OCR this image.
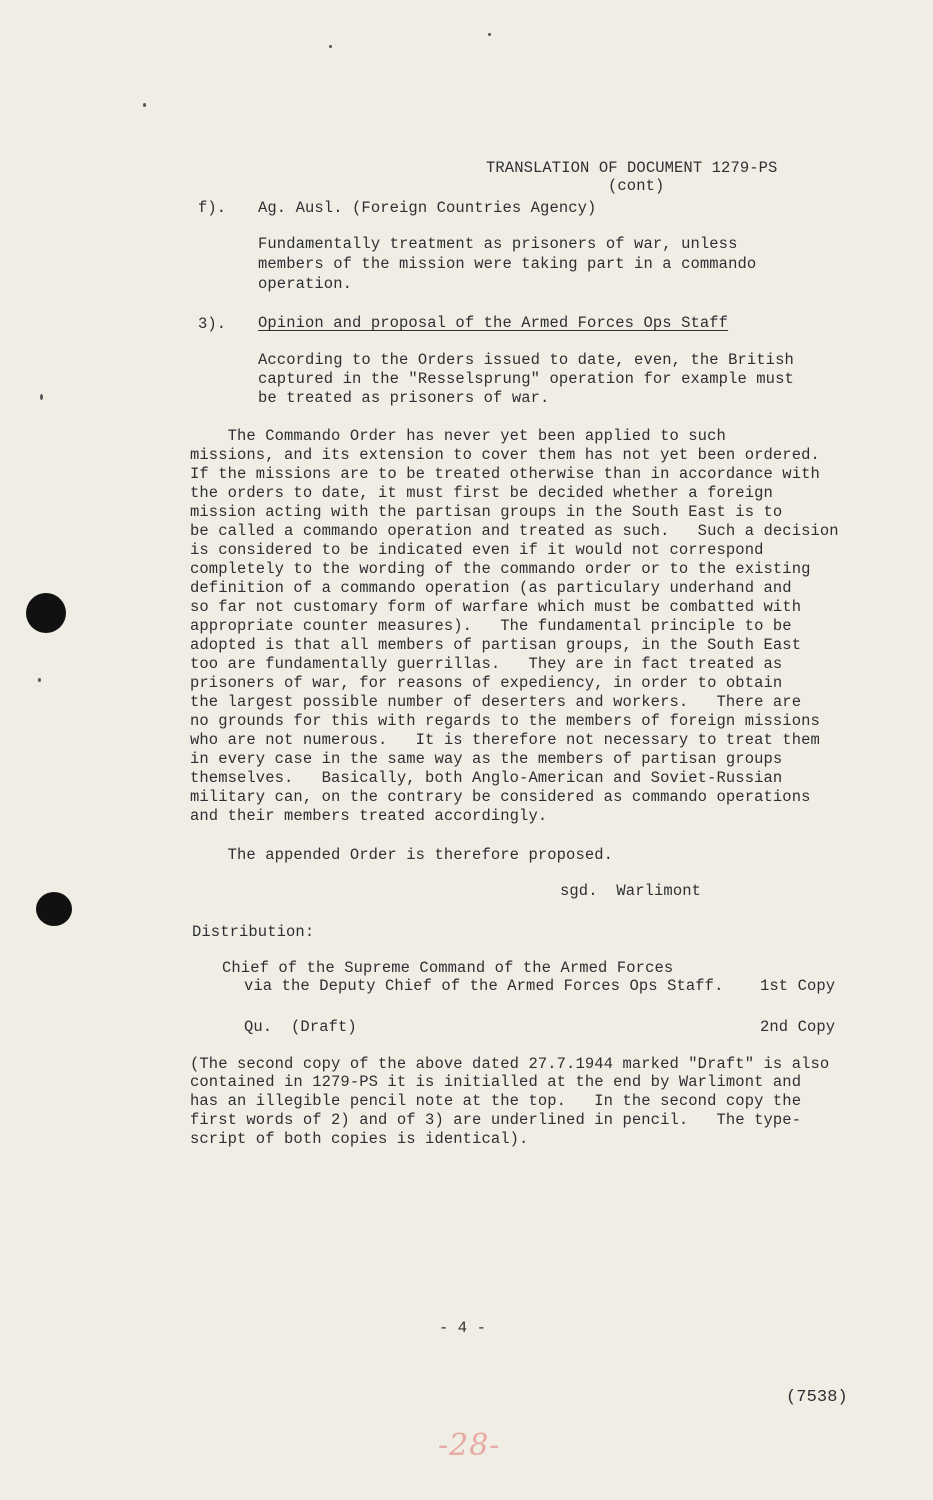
TRANSLATION OF DOCUMENT 1279-PS
(cont)
f). Ag. Ausl. (Foreign Countries Agency)
Fundamentally treatment as prisoners of war, unless
members of the mission were taking part in a commando
operation.
3). Opinion and proposal of the Armed Forces Ops Staff
According to the Orders issued to date, even, the British
captured in the "Resselsprung" operation for example must
be treated as prisoners of war.
The Commando Order has never yet been applied to such
missions, and its extension to cover them has not yet been ordered.
If the missions are to be treated otherwise than in accordance with
the orders to date, it must first be decided whether a foreign
mission acting with the partisan groups in the South East is to
be called a commando operation and treated as such.   Such a decision
is considered to be indicated even if it would not correspond
completely to the wording of the commando order or to the existing
definition of a commando operation (as particulary underhand and
so far not customary form of warfare which must be combatted with
appropriate counter measures).   The fundamental principle to be
adopted is that all members of partisan groups, in the South East
too are fundamentally guerrillas.   They are in fact treated as
prisoners of war, for reasons of expediency, in order to obtain
the largest possible number of deserters and workers.   There are
no grounds for this with regards to the members of foreign missions
who are not numerous.   It is therefore not necessary to treat them
in every case in the same way as the members of partisan groups
themselves.   Basically, both Anglo-American and Soviet-Russian
military can, on the contrary be considered as commando operations
and their members treated accordingly.
The appended Order is therefore proposed.
sgd.  Warlimont
Distribution:
Chief of the Supreme Command of the Armed Forces
via the Deputy Chief of the Armed Forces Ops Staff. 1st Copy
Qu.  (Draft)	2nd Copy
(The second copy of the above dated 27.7.1944 marked "Draft" is also
contained in 1279-PS it is initialled at the end by Warlimont and
has an illegible pencil note at the top.   In the second copy the
first words of 2) and of 3) are underlined in pencil.   The type-
script of both copies is identical).
- 4 -
(7538)
-28-
